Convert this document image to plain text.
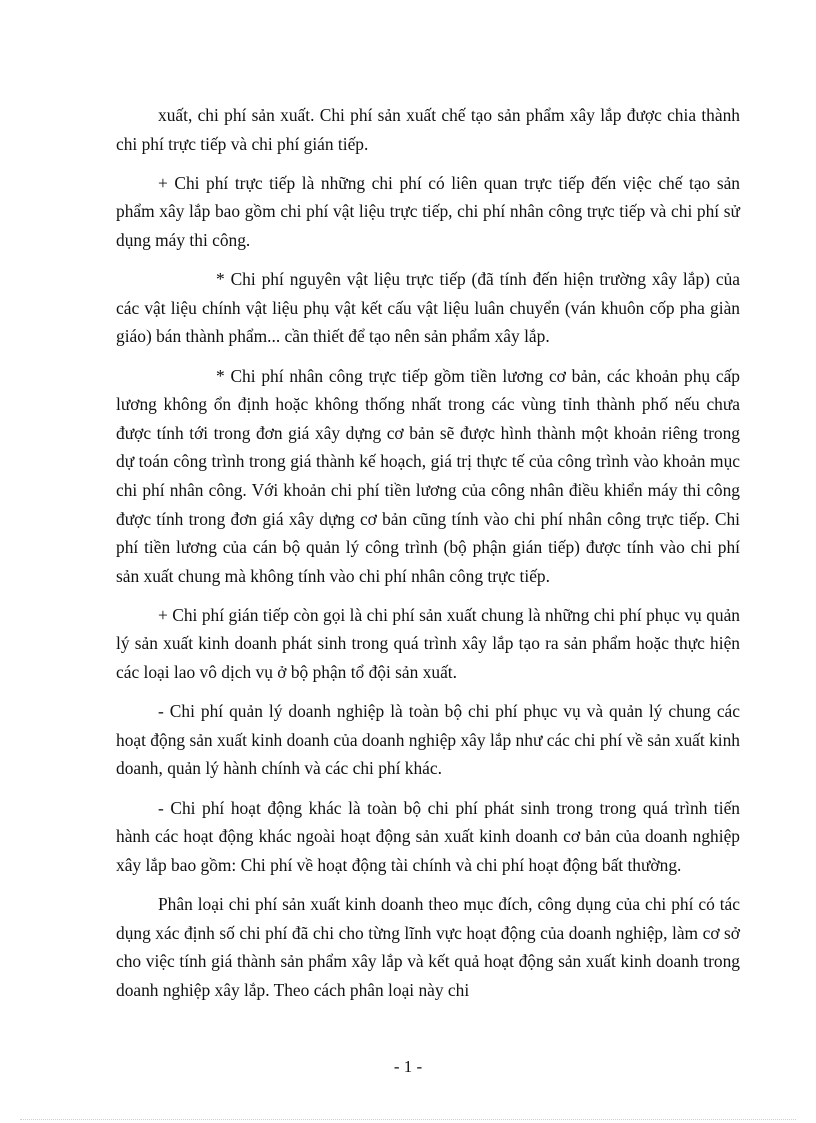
xuất, chi phí sản xuất. Chi phí sản xuất chế tạo sản phẩm xây lắp được chia thành chi phí trực tiếp và chi phí gián tiếp.

+ Chi phí trực tiếp là những chi phí có liên quan trực tiếp đến việc chế tạo sản phẩm xây lắp bao gồm chi phí vật liệu trực tiếp, chi phí nhân công trực tiếp và chi phí sử dụng máy thi công.

* Chi phí nguyên vật liệu trực tiếp (đã tính đến hiện trường xây lắp) của các vật liệu chính vật liệu phụ vật kết cấu vật liệu luân chuyển (ván khuôn cốp pha giàn giáo) bán thành phẩm... cần thiết để tạo nên sản phẩm xây lắp.

* Chi phí nhân công trực tiếp gồm tiền lương cơ bản, các khoản phụ cấp lương không ổn định hoặc không thống nhất trong các vùng tỉnh thành phố nếu chưa được tính tới trong đơn giá xây dựng cơ bản sẽ được hình thành một khoản riêng trong dự toán công trình trong giá thành kế hoạch, giá trị thực tế của công trình vào khoản mục chi phí nhân công. Với khoản chi phí tiền lương của công nhân điều khiển máy thi công được tính trong đơn giá xây dựng cơ bản cũng tính vào chi phí nhân công trực tiếp. Chi phí tiền lương của cán bộ quản lý công trình (bộ phận gián tiếp) được tính vào chi phí sản xuất chung mà không tính vào chi phí nhân công trực tiếp.

+ Chi phí gián tiếp còn gọi là chi phí sản xuất chung là những chi phí phục vụ quản lý sản xuất kinh doanh phát sinh trong quá trình xây lắp tạo ra sản phẩm hoặc thực hiện các loại lao vô dịch vụ ở bộ phận tổ đội sản xuất.

- Chi phí quản lý doanh nghiệp là toàn bộ chi phí phục vụ và quản lý chung các hoạt động sản xuất kinh doanh của doanh nghiệp xây lắp như các chi phí về sản xuất kinh doanh, quản lý hành chính và các chi phí khác.

- Chi phí hoạt động khác là toàn bộ chi phí phát sinh trong trong quá trình tiến hành các hoạt động khác ngoài hoạt động sản xuất kinh doanh cơ bản của doanh nghiệp xây lắp bao gồm: Chi phí về hoạt động tài chính và chi phí hoạt động bất thường.

Phân loại chi phí sản xuất kinh doanh theo mục đích, công dụng của chi phí có tác dụng xác định số chi phí đã chi cho từng lĩnh vực hoạt động của doanh nghiệp, làm cơ sở cho việc tính giá thành sản phẩm xây lắp và kết quả hoạt động sản xuất kinh doanh trong doanh nghiệp xây lắp. Theo cách phân loại này chi

- 1 -
